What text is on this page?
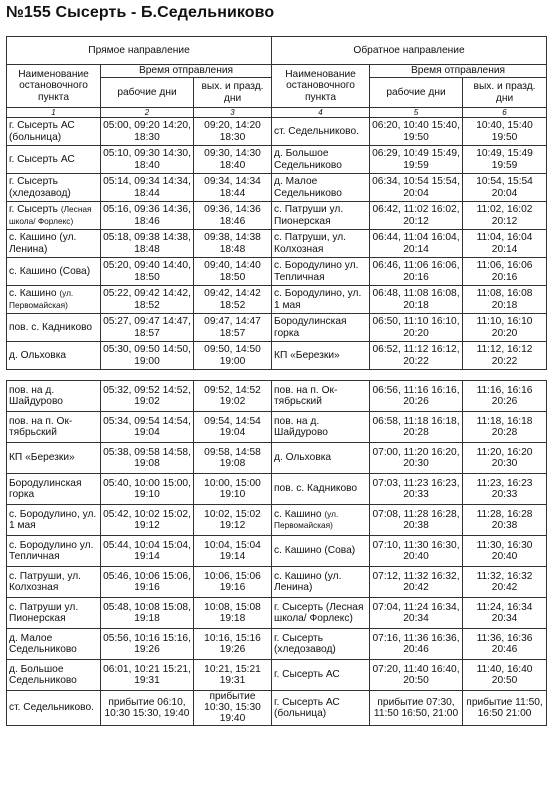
№155 Сысерть - Б.Седельниково
Прямое направление			Обратное направление		
Наименование остановочного пункта	Время отправления		Наименование остановочного пункта	Время отправления	
	рабочие дни	вых. и празд. дни		рабочие дни	вых. и празд. дни
1	2	3	4	5	6
г. Сысерть АС (больница)	05:00, 09:20 14:20, 18:30	09:20, 14:20 18:30	ст. Седельниково.	06:20, 10:40 15:40, 19:50	10:40, 15:40 19:50
г. Сысерть АС	05:10, 09:30 14:30, 18:40	09:30, 14:30 18:40	д. Большое Седельниково	06:29, 10:49 15:49, 19:59	10:49, 15:49 19:59
г. Сысерть (хледозавод)	05:14, 09:34 14:34, 18:44	09:34, 14:34 18:44	д. Малое Седельниково	06:34, 10:54 15:54, 20:04	10:54, 15:54 20:04
г. Сысерть (Лесная школа/ Форлекс)	05:16, 09:36 14:36, 18:46	09:36, 14:36 18:46	с. Патруши ул. Пионерская	06:42, 11:02 16:02, 20:12	11:02, 16:02 20:12
с. Кашино (ул. Ленина)	05:18, 09:38 14:38, 18:48	09:38, 14:38 18:48	с. Патруши, ул. Колхозная	06:44, 11:04 16:04, 20:14	11:04, 16:04 20:14
с. Кашино (Сова)	05:20, 09:40 14:40, 18:50	09:40, 14:40 18:50	с. Бородулино ул. Тепличная	06:46, 11:06 16:06, 20:16	11:06, 16:06 20:16
с. Кашино (ул. Первомайская)	05:22, 09:42 14:42, 18:52	09:42, 14:42 18:52	с. Бородулино, ул. 1 мая	06:48, 11:08 16:08, 20:18	11:08, 16:08 20:18
пов. с. Кадниково	05:27, 09:47 14:47, 18:57	09:47, 14:47 18:57	Бородулинская горка	06:50, 11:10 16:10, 20:20	11:10, 16:10 20:20
д. Ольховка	05:30, 09:50 14:50, 19:00	09:50, 14:50 19:00	КП «Березки»	06:52, 11:12 16:12, 20:22	11:12, 16:12 20:22

пов. на д. Шайдурово	05:32, 09:52 14:52, 19:02	09:52, 14:52 19:02	пов. на п. Ок-тябрьский	06:56, 11:16 16:16, 20:26	11:16, 16:16 20:26
пов. на п. Ок-тябрьский	05:34, 09:54 14:54, 19:04	09:54, 14:54 19:04	пов. на д. Шайдурово	06:58, 11:18 16:18, 20:28	11:18, 16:18 20:28
КП «Березки»	05:38, 09:58 14:58, 19:08	09:58, 14:58 19:08	д. Ольховка	07:00, 11:20 16:20, 20:30	11:20, 16:20 20:30
Бородулинская горка	05:40, 10:00 15:00, 19:10	10:00, 15:00 19:10	пов. с. Кадниково	07:03, 11:23 16:23, 20:33	11:23, 16:23 20:33
с. Бородулино, ул. 1 мая	05:42, 10:02 15:02, 19:12	10:02, 15:02 19:12	с. Кашино (ул. Первомайская)	07:08, 11:28 16:28, 20:38	11:28, 16:28 20:38
с. Бородулино ул. Тепличная	05:44, 10:04 15:04, 19:14	10:04, 15:04 19:14	с. Кашино (Сова)	07:10, 11:30 16:30, 20:40	11:30, 16:30 20:40
с. Патруши, ул. Колхозная	05:46, 10:06 15:06, 19:16	10:06, 15:06 19:16	с. Кашино (ул. Ленина)	07:12, 11:32 16:32, 20:42	11:32, 16:32 20:42
с. Патруши ул. Пионерская	05:48, 10:08 15:08, 19:18	10:08, 15:08 19:18	г. Сысерть (Лесная школа/ Форлекс)	07:04, 11:24 16:34, 20:34	11:24, 16:34 20:34
д. Малое Седельниково	05:56, 10:16 15:16, 19:26	10:16, 15:16 19:26	г. Сысерть (хледозавод)	07:16, 11:36 16:36, 20:46	11:36, 16:36 20:46
д. Большое Седельниково	06:01, 10:21 15:21, 19:31	10:21, 15:21 19:31	г. Сысерть АС	07:20, 11:40 16:40, 20:50	11:40, 16:40 20:50
ст. Седельниково.	прибытие 06:10, 10:30 15:30, 19:40	прибытие 10:30, 15:30 19:40	г. Сысерть АС (больница)	прибытие 07:30, 11:50 16:50, 21:00	прибытие 11:50, 16:50 21:00
